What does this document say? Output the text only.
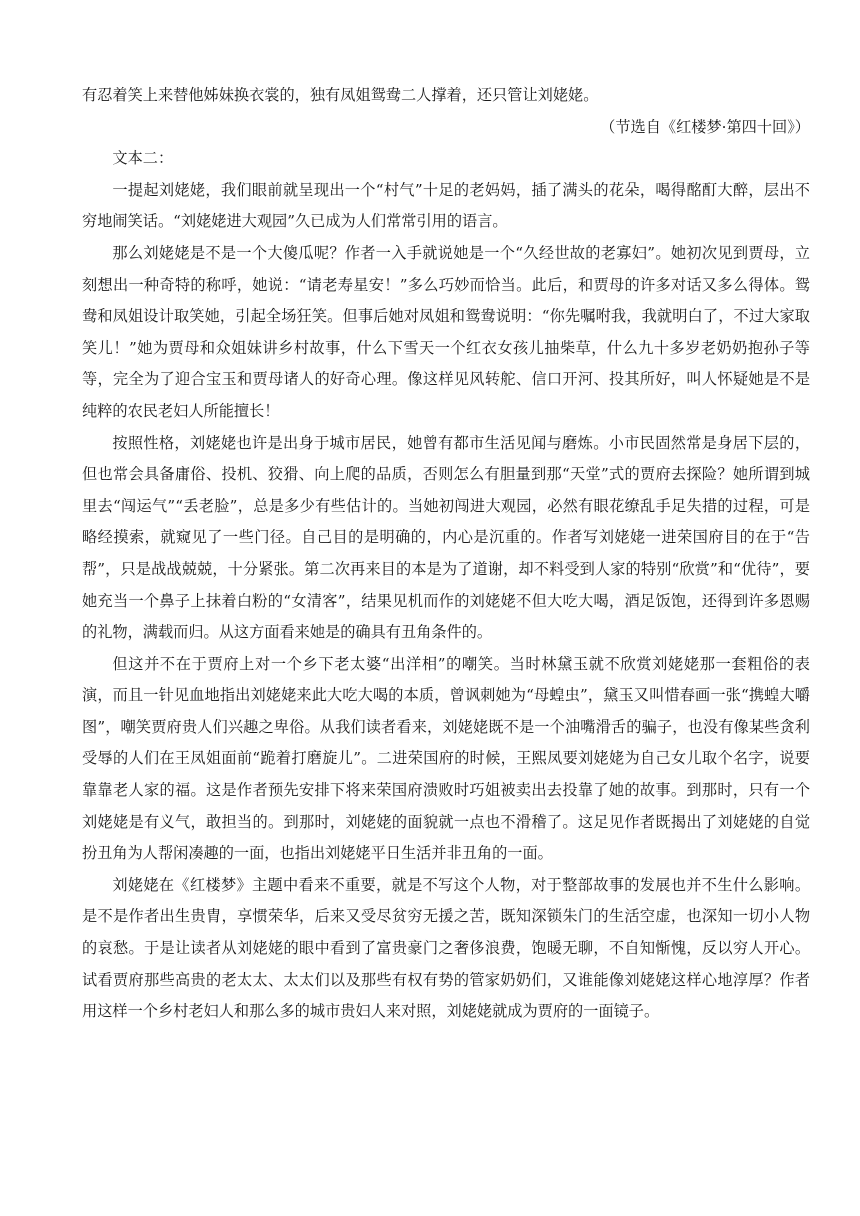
有忍着笑上来替他姊妹换衣裳的，独有凤姐鸳鸯二人撑着，还只管让刘姥姥。

（节选自《红楼梦·第四十回》）

文本二：

一提起刘姥姥，我们眼前就呈现出一个“村气”十足的老妈妈，插了满头的花朵，喝得酩酊大醉，层出不穷地闹笑话。“刘姥姥进大观园”久已成为人们常常引用的语言。

那么刘姥姥是不是一个大傻瓜呢？作者一入手就说她是一个“久经世故的老寡妇”。她初次见到贾母，立刻想出一种奇特的称呼，她说：“请老寿星安！”多么巧妙而恰当。此后，和贾母的许多对话又多么得体。鸳鸯和凤姐设计取笑她，引起全场狂笑。但事后她对凤姐和鸳鸯说明：“你先嘱咐我，我就明白了，不过大家取笑儿！”她为贾母和众姐妹讲乡村故事，什么下雪天一个红衣女孩儿抽柴草，什么九十多岁老奶奶抱孙子等等，完全为了迎合宝玉和贾母诸人的好奇心理。像这样见风转舵、信口开河、投其所好，叫人怀疑她是不是纯粹的农民老妇人所能擅长！

按照性格，刘姥姥也许是出身于城市居民，她曾有都市生活见闻与磨炼。小市民固然常是身居下层的，但也常会具备庸俗、投机、狡猾、向上爬的品质，否则怎么有胆量到那“天堂”式的贾府去探险？她所谓到城里去“闯运气”“丢老脸”，总是多少有些估计的。当她初闯进大观园，必然有眼花缭乱手足失措的过程，可是略经摸索，就窥见了一些门径。自己目的是明确的，内心是沉重的。作者写刘姥姥一进荣国府目的在于“告帮”，只是战战兢兢，十分紧张。第二次再来目的本是为了道谢，却不料受到人家的特别“欣赏”和“优待”，要她充当一个鼻子上抹着白粉的“女清客”，结果见机而作的刘姥姥不但大吃大喝，酒足饭饱，还得到许多恩赐的礼物，满载而归。从这方面看来她是的确具有丑角条件的。

但这并不在于贾府上对一个乡下老太婆“出洋相”的嘲笑。当时林黛玉就不欣赏刘姥姥那一套粗俗的表演，而且一针见血地指出刘姥姥来此大吃大喝的本质，曾讽刺她为“母蝗虫”，黛玉又叫惜春画一张“携蝗大嚼图”，嘲笑贾府贵人们兴趣之卑俗。从我们读者看来，刘姥姥既不是一个油嘴滑舌的骗子，也没有像某些贪利受辱的人们在王凤姐面前“跪着打磨旋儿”。二进荣国府的时候，王熙凤要刘姥姥为自己女儿取个名字，说要靠靠老人家的福。这是作者预先安排下将来荣国府溃败时巧姐被卖出去投靠了她的故事。到那时，只有一个刘姥姥是有义气，敢担当的。到那时，刘姥姥的面貌就一点也不滑稽了。这足见作者既揭出了刘姥姥的自觉扮丑角为人帮闲凑趣的一面，也指出刘姥姥平日生活并非丑角的一面。

刘姥姥在《红楼梦》主题中看来不重要，就是不写这个人物，对于整部故事的发展也并不生什么影响。是不是作者出生贵胄，享惯荣华，后来又受尽贫穷无援之苦，既知深锁朱门的生活空虚，也深知一切小人物的哀愁。于是让读者从刘姥姥的眼中看到了富贵豪门之奢侈浪费，饱暖无聊，不自知惭愧，反以穷人开心。试看贾府那些高贵的老太太、太太们以及那些有权有势的管家奶奶们，又谁能像刘姥姥这样心地淳厚？作者用这样一个乡村老妇人和那么多的城市贵妇人来对照，刘姥姥就成为贾府的一面镜子。
